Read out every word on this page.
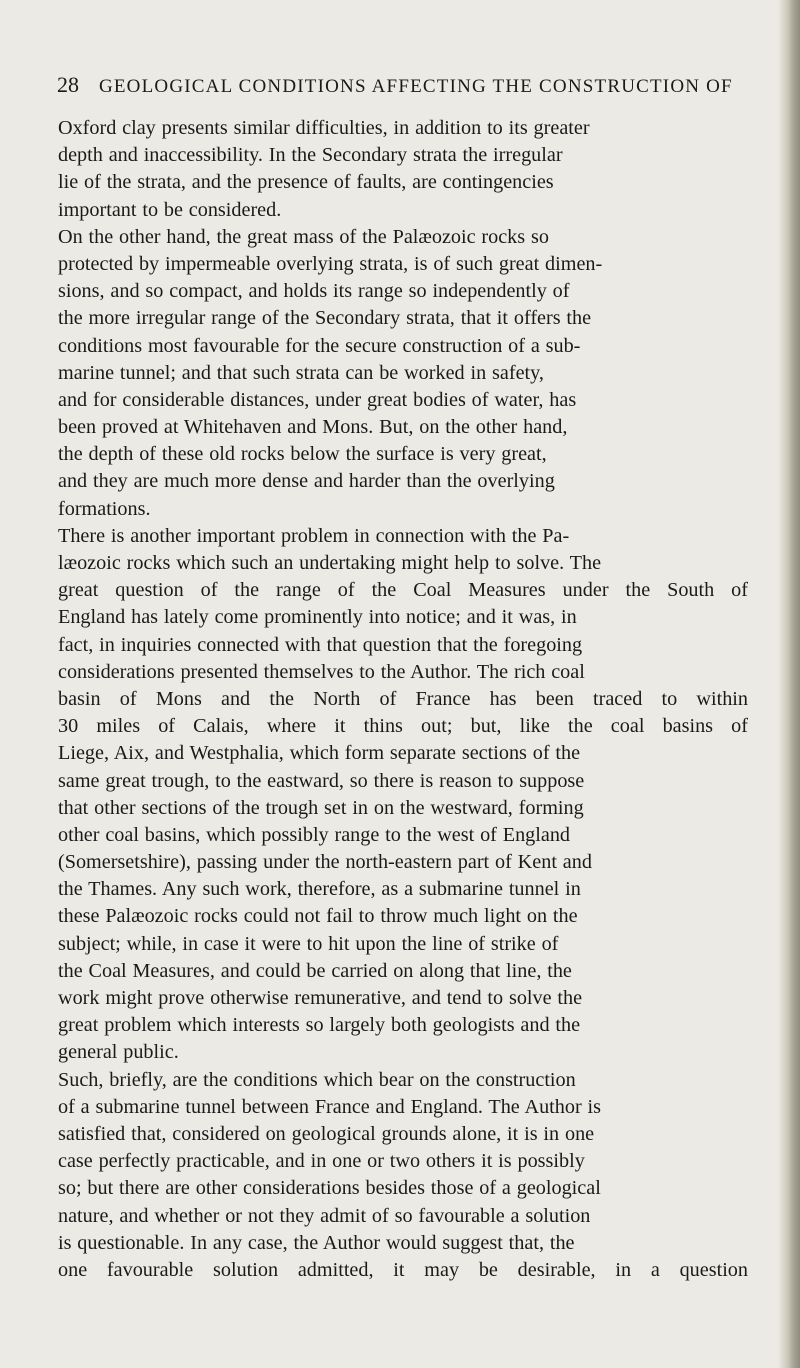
28 GEOLOGICAL CONDITIONS AFFECTING THE CONSTRUCTION OF
Oxford clay presents similar difficulties, in addition to its greater
depth and inaccessibility. In the Secondary strata the irregular
lie of the strata, and the presence of faults, are contingencies
important to be considered.
On the other hand, the great mass of the Palæozoic rocks so
protected by impermeable overlying strata, is of such great dimen-
sions, and so compact, and holds its range so independently of
the more irregular range of the Secondary strata, that it offers the
conditions most favourable for the secure construction of a sub-
marine tunnel; and that such strata can be worked in safety,
and for considerable distances, under great bodies of water, has
been proved at Whitehaven and Mons. But, on the other hand,
the depth of these old rocks below the surface is very great,
and they are much more dense and harder than the overlying
formations.
There is another important problem in connection with the Pa-
læozoic rocks which such an undertaking might help to solve. The
great question of the range of the Coal Measures under the South of
England has lately come prominently into notice; and it was, in
fact, in inquiries connected with that question that the foregoing
considerations presented themselves to the Author. The rich coal
basin of Mons and the North of France has been traced to within
30 miles of Calais, where it thins out; but, like the coal basins of
Liege, Aix, and Westphalia, which form separate sections of the
same great trough, to the eastward, so there is reason to suppose
that other sections of the trough set in on the westward, forming
other coal basins, which possibly range to the west of England
(Somersetshire), passing under the north-eastern part of Kent and
the Thames. Any such work, therefore, as a submarine tunnel in
these Palæozoic rocks could not fail to throw much light on the
subject; while, in case it were to hit upon the line of strike of
the Coal Measures, and could be carried on along that line, the
work might prove otherwise remunerative, and tend to solve the
great problem which interests so largely both geologists and the
general public.
Such, briefly, are the conditions which bear on the construction
of a submarine tunnel between France and England. The Author is
satisfied that, considered on geological grounds alone, it is in one
case perfectly practicable, and in one or two others it is possibly
so; but there are other considerations besides those of a geological
nature, and whether or not they admit of so favourable a solution
is questionable. In any case, the Author would suggest that, the
one favourable solution admitted, it may be desirable, in a question
